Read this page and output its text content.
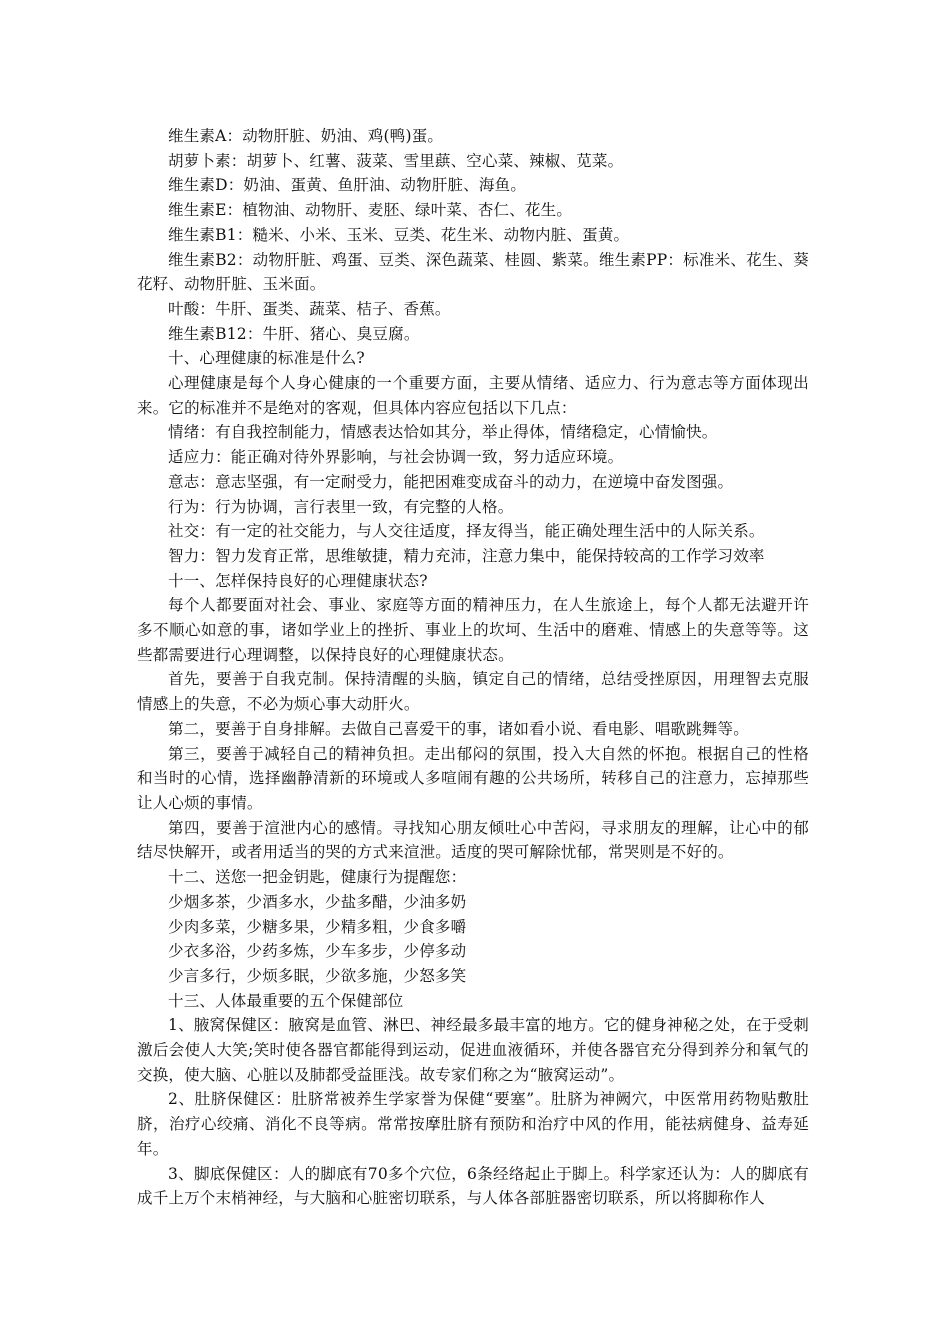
维生素A：动物肝脏、奶油、鸡(鸭)蛋。

胡萝卜素：胡萝卜、红薯、菠菜、雪里蕻、空心菜、辣椒、苋菜。

维生素D：奶油、蛋黄、鱼肝油、动物肝脏、海鱼。

维生素E：植物油、动物肝、麦胚、绿叶菜、杏仁、花生。

维生素B1：糙米、小米、玉米、豆类、花生米、动物内脏、蛋黄。

维生素B2：动物肝脏、鸡蛋、豆类、深色蔬菜、桂圆、紫菜。维生素PP：标准米、花生、葵花籽、动物肝脏、玉米面。

叶酸：牛肝、蛋类、蔬菜、桔子、香蕉。

维生素B12：牛肝、猪心、臭豆腐。

十、心理健康的标准是什么?

心理健康是每个人身心健康的一个重要方面，主要从情绪、适应力、行为意志等方面体现出来。它的标准并不是绝对的客观，但具体内容应包括以下几点：

情绪：有自我控制能力，情感表达恰如其分，举止得体，情绪稳定，心情愉快。

适应力：能正确对待外界影响，与社会协调一致，努力适应环境。

意志：意志坚强，有一定耐受力，能把困难变成奋斗的动力，在逆境中奋发图强。

行为：行为协调，言行表里一致，有完整的人格。

社交：有一定的社交能力，与人交往适度，择友得当，能正确处理生活中的人际关系。

智力：智力发育正常，思维敏捷，精力充沛，注意力集中，能保持较高的工作学习效率

十一、怎样保持良好的心理健康状态?

每个人都要面对社会、事业、家庭等方面的精神压力，在人生旅途上，每个人都无法避开许多不顺心如意的事，诸如学业上的挫折、事业上的坎坷、生活中的磨难、情感上的失意等等。这些都需要进行心理调整，以保持良好的心理健康状态。

首先，要善于自我克制。保持清醒的头脑，镇定自己的情绪，总结受挫原因，用理智去克服情感上的失意，不必为烦心事大动肝火。

第二，要善于自身排解。去做自己喜爱干的事，诸如看小说、看电影、唱歌跳舞等。

第三，要善于减轻自己的精神负担。走出郁闷的氛围，投入大自然的怀抱。根据自己的性格和当时的心情，选择幽静清新的环境或人多喧闹有趣的公共场所，转移自己的注意力，忘掉那些让人心烦的事情。

第四，要善于渲泄内心的感情。寻找知心朋友倾吐心中苦闷，寻求朋友的理解，让心中的郁结尽快解开，或者用适当的哭的方式来渲泄。适度的哭可解除忧郁，常哭则是不好的。

十二、送您一把金钥匙，健康行为提醒您：

少烟多茶，少酒多水，少盐多醋，少油多奶

少肉多菜，少糖多果，少精多粗，少食多嚼

少衣多浴，少药多炼，少车多步，少停多动

少言多行，少烦多眠，少欲多施，少怒多笑

十三、人体最重要的五个保健部位

1、腋窝保健区：腋窝是血管、淋巴、神经最多最丰富的地方。它的健身神秘之处，在于受刺激后会使人大笑;笑时使各器官都能得到运动，促进血液循环，并使各器官充分得到养分和氧气的交换，使大脑、心脏以及肺都受益匪浅。故专家们称之为“腋窝运动”。

2、肚脐保健区：肚脐常被养生学家誉为保健“要塞”。肚脐为神阙穴，中医常用药物贴敷肚脐，治疗心绞痛、消化不良等病。常常按摩肚脐有预防和治疗中风的作用，能祛病健身、益寿延年。

3、脚底保健区：人的脚底有70多个穴位，6条经络起止于脚上。科学家还认为：人的脚底有成千上万个末梢神经，与大脑和心脏密切联系，与人体各部脏器密切联系，所以将脚称作人
